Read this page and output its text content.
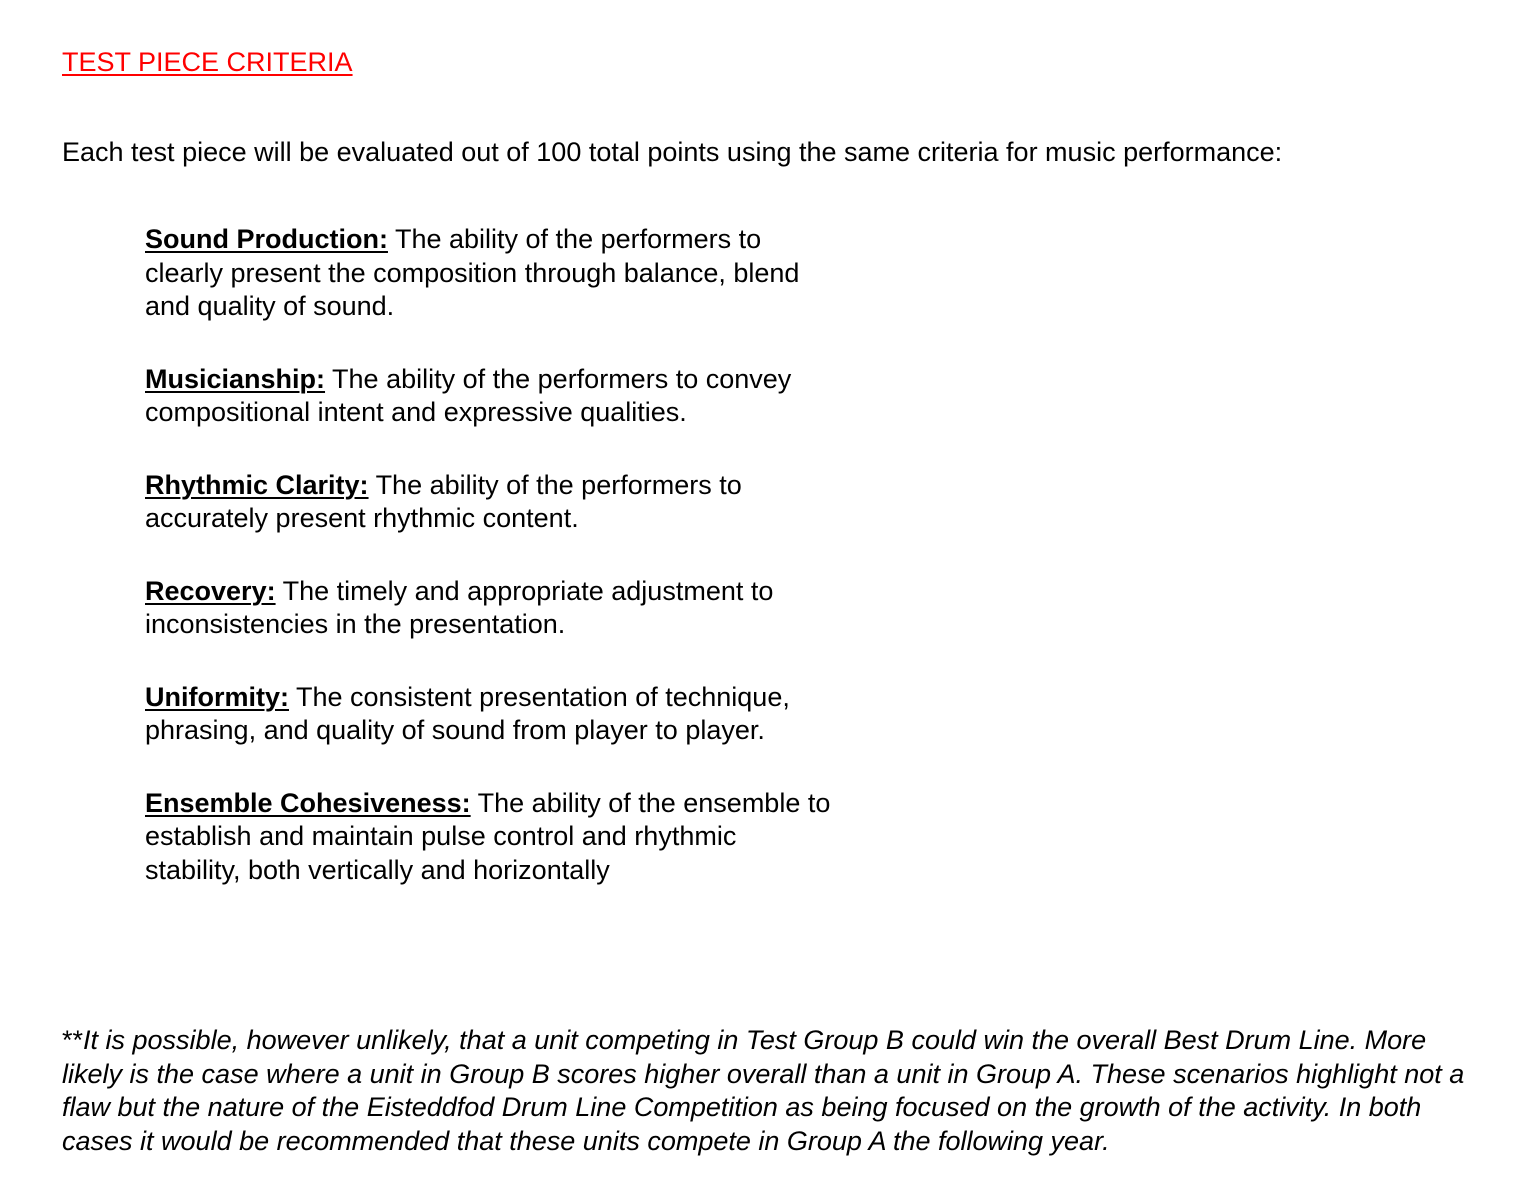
TEST PIECE CRITERIA

Each test piece will be evaluated out of 100 total points using the same criteria for music performance:

Sound Production: The ability of the performers to clearly present the composition through balance, blend and quality of sound.
Musicianship: The ability of the performers to convey compositional intent and expressive qualities.
Rhythmic Clarity: The ability of the performers to accurately present rhythmic content.
Recovery: The timely and appropriate adjustment to inconsistencies in the presentation.
Uniformity: The consistent presentation of technique, phrasing, and quality of sound from player to player.
Ensemble Cohesiveness: The ability of the ensemble to establish and maintain pulse control and rhythmic stability, both vertically and horizontally

**It is possible, however unlikely, that a unit competing in Test Group B could win the overall Best Drum Line. More likely is the case where a unit in Group B scores higher overall than a unit in Group A. These scenarios highlight not a flaw but the nature of the Eisteddfod Drum Line Competition as being focused on the growth of the activity. In both cases it would be recommended that these units compete in Group A the following year.
